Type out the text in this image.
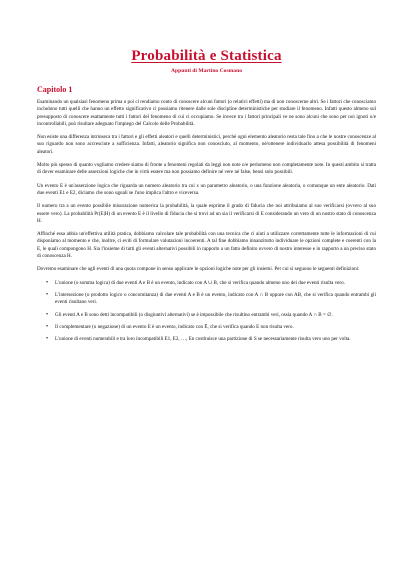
Probabilità e Statistica
Appunti di Martino Cosmano
Capitolo 1

Esaminando un qualsiasi fenomeno prima o poi ci rendiamo conto di conoscere alcuni fattori (o relativi effetti) ma di non conoscerne altri. Se i fattori che conosciamo includono tutti quelli che hanno un effetto significativo ci possiamo ritenere dalle sole discipline deterministiche per studiare il fenomeno. Infatti questo almeno sul presupposto di conoscere esattamente tutti i fattori del fenomeno di cui ci occupiamo. Se invece tra i fattori principali ve ne sono alcuni che sono per noi ignoti o/e incontrollabili, può risultare adeguato l'impiego del Calcolo delle Probabilità.

Non esiste una differenza intrinseca tra i fattori e gli effetti aleatori e quelli deterministici, perché ogni elemento aleatorio resta tale fino a che le nostre conoscenze al suo riguardo non sono accresciute a sufficienza. Infatti, aleatorio significa non conosciuto, al momento, né/ottenere individuarlo attesa possibilità di fenomeni aleatori.

Molto più spesso di quanto vogliamo credere siamo di fronte a fenomeni regolati da leggi non note o/e perlomeno non completamente note. In questi ambito si tratta di dover esaminare delle asserzioni logiche che in virtù essere ma non possiamo definire né vere né false, bensì solo possibili.

Un evento E è un'asserzione logica che riguarda un numero aleatorio tra cui x un parametro aleatorio, o una funzione aleatoria, o comunque un ente aleatorio. Dati due eventi E1 e E2, diciamo che sono uguali se l'uno implica l'altro e viceversa.

Il numero tra a un evento possibile misurazione numerica la probabilità, la quale esprime il grado di fiducia che noi attribuiamo al suo verificarsi (ovvero al suo essere vero). La probabilità Pr(E|H) di un evento E è il livello di fiducia che si trovi ad un sia il verificarsi di E considerando un vero di un nostro stato di conoscenza H.

Affinché essa abbia un'effettiva utilità pratica, dobbiamo calcolare tale probabilità con una tecnica che ci aiuti a utilizzare correttamente tutte le informazioni di cui disponiamo al momento e che, inoltre, ci eviti di formulare valutazioni incoerenti. A tal fine dobbiamo innanzitutto individuare le opzioni complete e coerenti con la E, le quali compongono H. Sia l'insieme di tutti gli eventi alternativi possibili in rapporto a un fatto definito ovvero di nostro interesse e in rapporto a un preciso stato di conoscenza H.

Dovremo esaminare che agli eventi di una quota compone in senso applicare le opzioni logiche note per gli insiemi. Per cui si seguono le seguenti definizioni:

• L'unione (o somma logica) di due eventi A e B è un evento, indicato con A ∪ B, che si verifica quando almeno uno dei due eventi risulta vero.
• L'intersezione (o prodotto logico o concomitanza) di due eventi A e B è un evento, indicato con A ∩ B oppure con AB, che si verifica quando entrambi gli eventi risultano veri.
• Gli eventi A e B sono detti incompatibili (o disgiuntivi alternativi) se è impossibile che risultino entrambi veri, ossia quando A ∩ B = ∅.
• Il complementare (o negazione) di un evento E è un evento, indicato con Ē, che si verifica quando E non risulta vero.
• L'unione di eventi numerabili e tra loro incompatibili E1, E2, …, En costituisce una partizione di S se necessariamente risulta vero uno per volta.
